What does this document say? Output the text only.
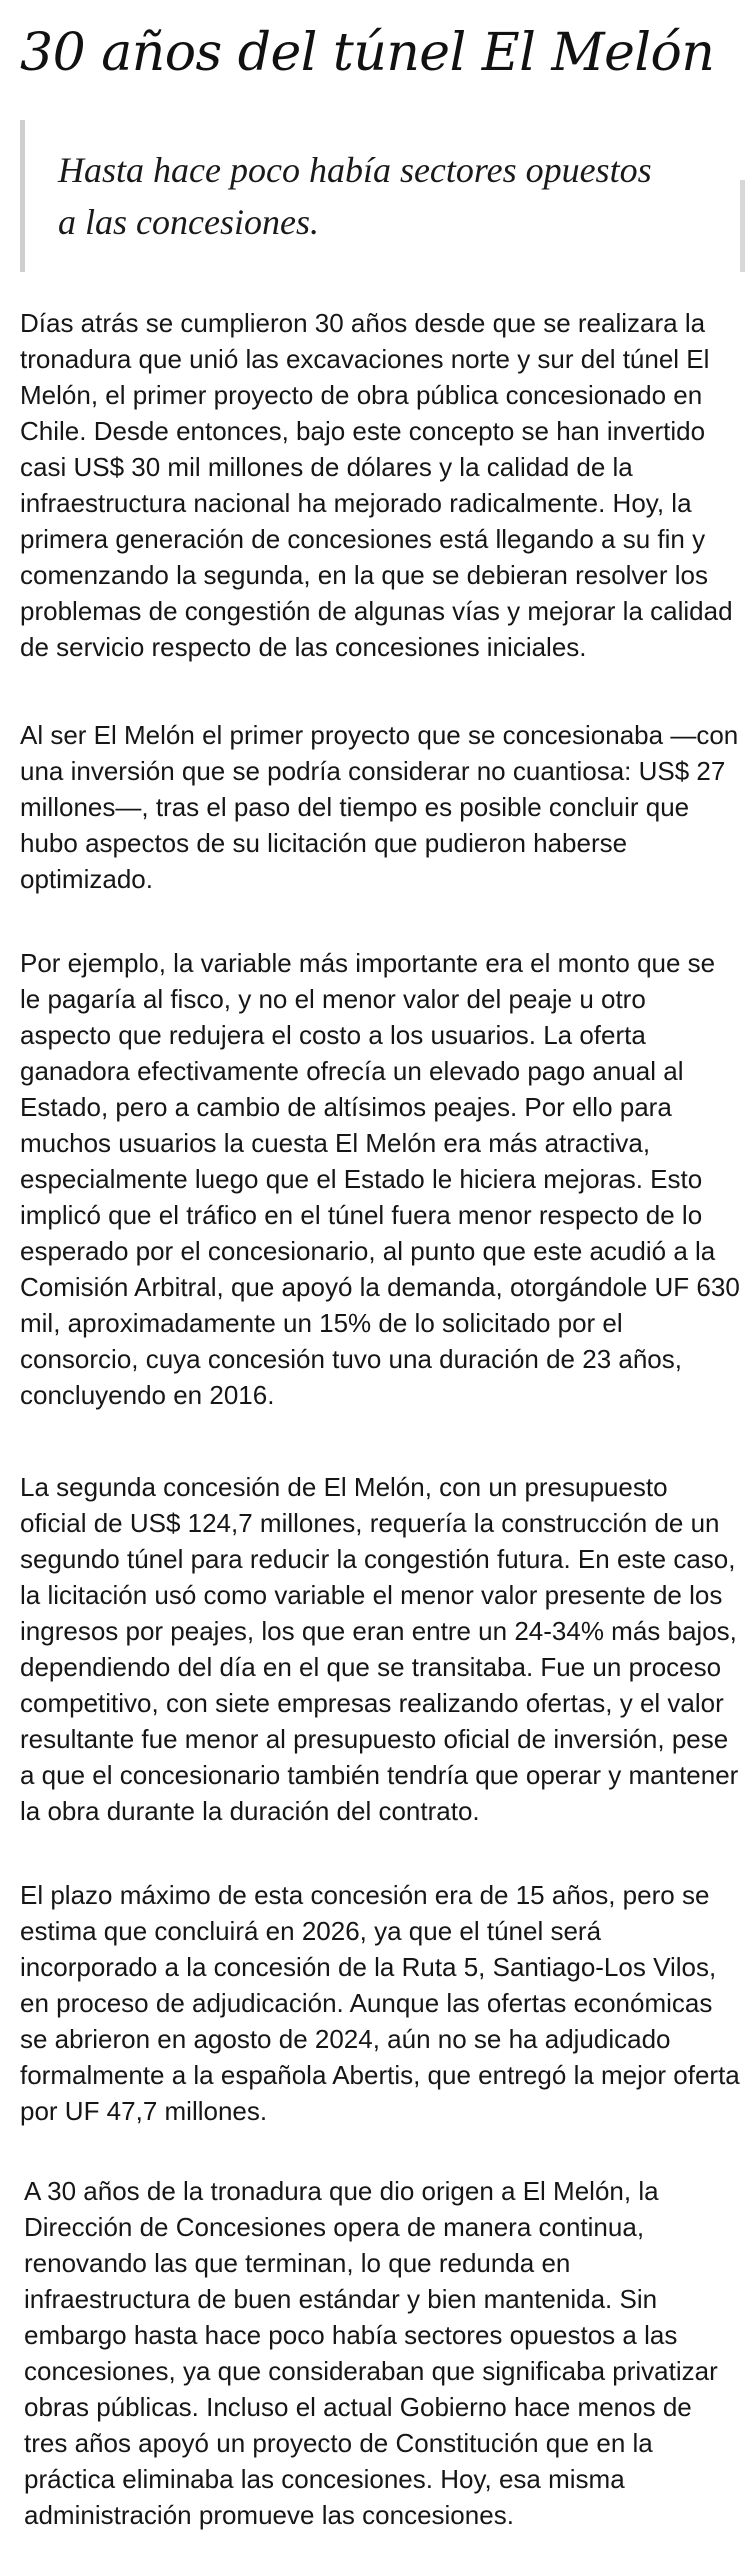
30 años del túnel El Melón

Hasta hace poco había sectores opuestos a las concesiones.

Días atrás se cumplieron 30 años desde que se realizara la tronadura que unió las excavaciones norte y sur del túnel El Melón, el primer proyecto de obra pública concesionado en Chile. Desde entonces, bajo este concepto se han invertido casi US$ 30 mil millones de dólares y la calidad de la infraestructura nacional ha mejorado radicalmente. Hoy, la primera generación de concesiones está llegando a su fin y comenzando la segunda, en la que se debieran resolver los problemas de congestión de algunas vías y mejorar la calidad de servicio respecto de las concesiones iniciales.

Al ser El Melón el primer proyecto que se concesionaba —con una inversión que se podría considerar no cuantiosa: US$ 27 millones—, tras el paso del tiempo es posible concluir que hubo aspectos de su licitación que pudieron haberse optimizado.

Por ejemplo, la variable más importante era el monto que se le pagaría al fisco, y no el menor valor del peaje u otro aspecto que redujera el costo a los usuarios. La oferta ganadora efectivamente ofrecía un elevado pago anual al Estado, pero a cambio de altísimos peajes. Por ello para muchos usuarios la cuesta El Melón era más atractiva, especialmente luego que el Estado le hiciera mejoras. Esto implicó que el tráfico en el túnel fuera menor respecto de lo esperado por el concesionario, al punto que este acudió a la Comisión Arbitral, que apoyó la demanda, otorgándole UF 630 mil, aproximadamente un 15% de lo solicitado por el consorcio, cuya concesión tuvo una duración de 23 años, concluyendo en 2016.

La segunda concesión de El Melón, con un presupuesto oficial de US$ 124,7 millones, requería la construcción de un segundo túnel para reducir la congestión futura. En este caso, la licitación usó como variable el menor valor presente de los ingresos por peajes, los que eran entre un 24-34% más bajos, dependiendo del día en el que se transitaba. Fue un proceso competitivo, con siete empresas realizando ofertas, y el valor resultante fue menor al presupuesto oficial de inversión, pese a que el concesionario también tendría que operar y mantener la obra durante la duración del contrato.

El plazo máximo de esta concesión era de 15 años, pero se estima que concluirá en 2026, ya que el túnel será incorporado a la concesión de la Ruta 5, Santiago-Los Vilos, en proceso de adjudicación. Aunque las ofertas económicas se abrieron en agosto de 2024, aún no se ha adjudicado formalmente a la española Abertis, que entregó la mejor oferta por UF 47,7 millones.

A 30 años de la tronadura que dio origen a El Melón, la Dirección de Concesiones opera de manera continua, renovando las que terminan, lo que redunda en infraestructura de buen estándar y bien mantenida. Sin embargo hasta hace poco había sectores opuestos a las concesiones, ya que consideraban que significaba privatizar obras públicas. Incluso el actual Gobierno hace menos de tres años apoyó un proyecto de Constitución que en la práctica eliminaba las concesiones. Hoy, esa misma administración promueve las concesiones.
